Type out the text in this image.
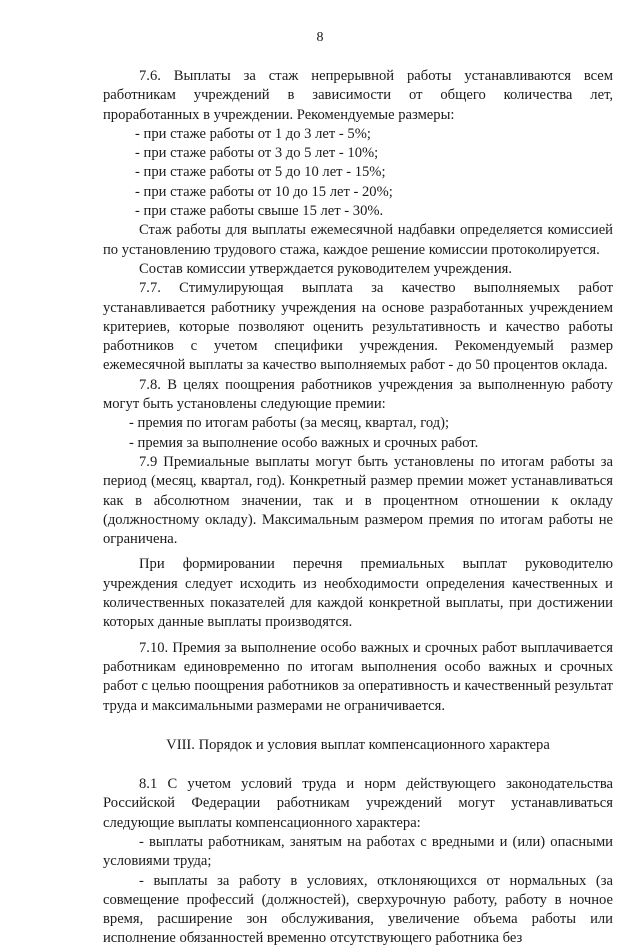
8

7.6. Выплаты за стаж непрерывной работы устанавливаются всем работникам учреждений в зависимости от общего количества лет, проработанных в учреждении. Рекомендуемые размеры:

- при стаже работы от 1 до 3 лет - 5%;

- при стаже работы от 3 до 5 лет - 10%;

- при стаже работы от 5 до 10 лет - 15%;

- при стаже работы от 10 до 15 лет - 20%;

- при стаже работы свыше 15 лет - 30%.

Стаж работы для выплаты ежемесячной надбавки определяется комиссией по установлению трудового стажа, каждое решение комиссии протоколируется.

Состав комиссии утверждается руководителем учреждения.

7.7. Стимулирующая выплата за качество выполняемых работ устанавливается работнику учреждения на основе разработанных учреждением критериев, которые позволяют оценить результативность и качество работы работников с учетом специфики учреждения. Рекомендуемый размер ежемесячной выплаты за качество выполняемых работ - до 50 процентов оклада.

7.8. В целях поощрения работников учреждения за выполненную работу могут быть установлены следующие премии:

- премия по итогам работы (за месяц, квартал, год);

- премия за выполнение особо важных и срочных работ.

7.9 Премиальные выплаты могут быть установлены по итогам работы за период (месяц, квартал, год). Конкретный размер премии может устанавливаться как в абсолютном значении, так и в процентном отношении к окладу (должностному окладу). Максимальным размером премия по итогам работы не ограничена.

При формировании перечня премиальных выплат руководителю учреждения следует исходить из необходимости определения качественных и количественных показателей для каждой конкретной выплаты, при достижении которых данные выплаты производятся.

7.10. Премия за выполнение особо важных и срочных работ выплачивается работникам единовременно по итогам выполнения особо важных и срочных работ с целью поощрения работников за оперативность и качественный результат труда и максимальными размерами не ограничивается.

VIII. Порядок и условия выплат компенсационного характера

8.1 С учетом условий труда и норм действующего законодательства Российской Федерации работникам учреждений могут устанавливаться следующие выплаты компенсационного характера:

- выплаты работникам, занятым на работах с вредными и (или) опасными условиями труда;

- выплаты за работу в условиях, отклоняющихся от нормальных (за совмещение профессий (должностей), сверхурочную работу, работу в ночное время, расширение зон обслуживания, увеличение объема работы или исполнение обязанностей временно отсутствующего работника без
